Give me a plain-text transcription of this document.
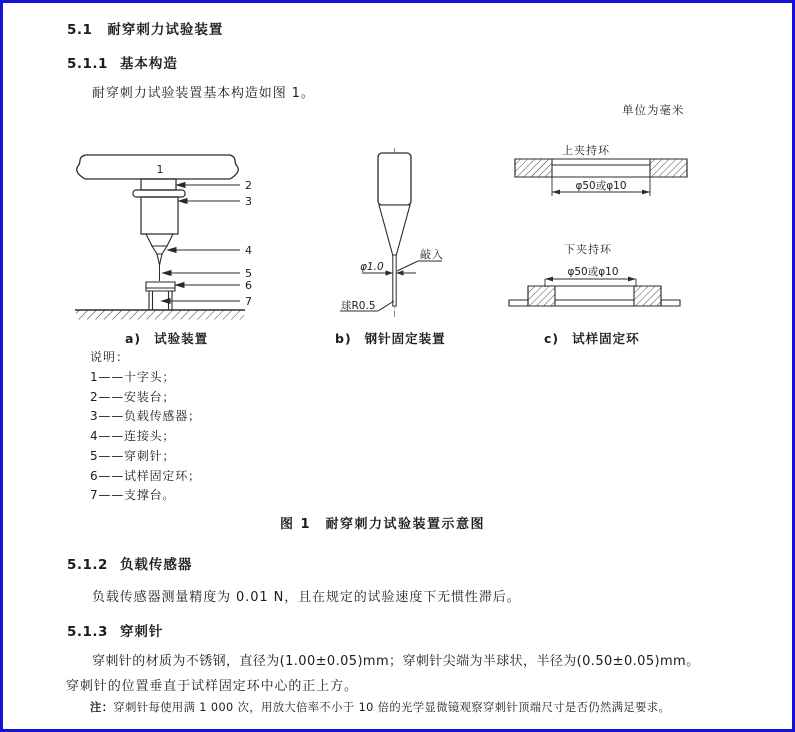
5.1 耐穿刺力试验装置
5.1.1 基本构造
耐穿刺力试验装置基本构造如图 1。
单位为毫米
1
2
3
4
5
6
7
敲入
φ1.0
球R0.5
上夹持环
φ50或φ10
下夹持环
φ50或φ10
a) 试验装置	b) 钢针固定装置	c) 试样固定环
说明：
1——十字头；
2——安装台；
3——负载传感器；
4——连接头；
5——穿刺针；
6——试样固定环；
7——支撑台。
图 1　耐穿刺力试验装置示意图
5.1.2 负载传感器
负载传感器测量精度为 0.01 N，且在规定的试验速度下无惯性滞后。
5.1.3 穿刺针
穿刺针的材质为不锈钢，直径为(1.00±0.05)mm；穿刺针尖端为半球状，半径为(0.50±0.05)mm。
穿刺针的位置垂直于试样固定环中心的正上方。
注：穿刺针每使用满 1 000 次，用放大倍率不小于 10 倍的光学显微镜观察穿刺针顶端尺寸是否仍然满足要求。
